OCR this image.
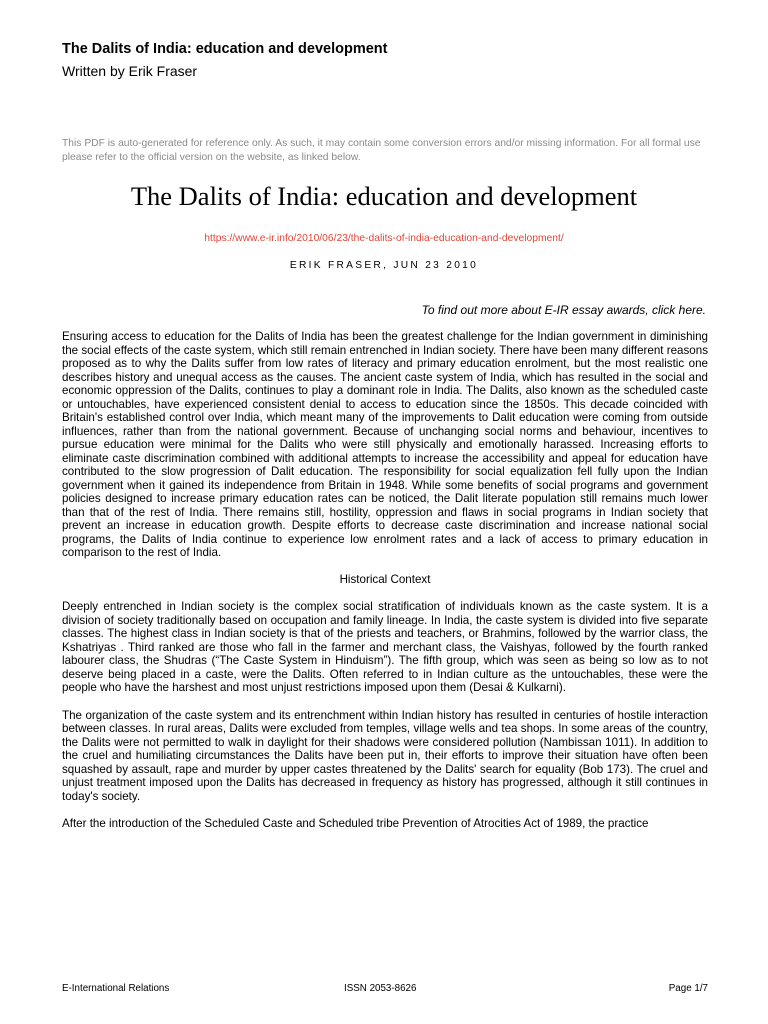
The Dalits of India: education and development
Written by Erik Fraser
This PDF is auto-generated for reference only. As such, it may contain some conversion errors and/or missing information. For all formal use please refer to the official version on the website, as linked below.
The Dalits of India: education and development
https://www.e-ir.info/2010/06/23/the-dalits-of-india-education-and-development/
ERIK FRASER, JUN 23 2010
To find out more about E-IR essay awards, click here.

Ensuring access to education for the Dalits of India has been the greatest challenge for the Indian government in diminishing the social effects of the caste system, which still remain entrenched in Indian society. There have been many different reasons proposed as to why the Dalits suffer from low rates of literacy and primary education enrolment, but the most realistic one describes history and unequal access as the causes. The ancient caste system of India, which has resulted in the social and economic oppression of the Dalits, continues to play a dominant role in India. The Dalits, also known as the scheduled caste or untouchables, have experienced consistent denial to access to education since the 1850s. This decade coincided with Britain's established control over India, which meant many of the improvements to Dalit education were coming from outside influences, rather than from the national government. Because of unchanging social norms and behaviour, incentives to pursue education were minimal for the Dalits who were still physically and emotionally harassed. Increasing efforts to eliminate caste discrimination combined with additional attempts to increase the accessibility and appeal for education have contributed to the slow progression of Dalit education. The responsibility for social equalization fell fully upon the Indian government when it gained its independence from Britain in 1948. While some benefits of social programs and government policies designed to increase primary education rates can be noticed, the Dalit literate population still remains much lower than that of the rest of India. There remains still, hostility, oppression and flaws in social programs in Indian society that prevent an increase in education growth. Despite efforts to decrease caste discrimination and increase national social programs, the Dalits of India continue to experience low enrolment rates and a lack of access to primary education in comparison to the rest of India.

Historical Context

Deeply entrenched in Indian society is the complex social stratification of individuals known as the caste system. It is a division of society traditionally based on occupation and family lineage. In India, the caste system is divided into five separate classes. The highest class in Indian society is that of the priests and teachers, or Brahmins, followed by the warrior class, the Kshatriyas . Third ranked are those who fall in the farmer and merchant class, the Vaishyas, followed by the fourth ranked labourer class, the Shudras (“The Caste System in Hinduism”). The fifth group, which was seen as being so low as to not deserve being placed in a caste, were the Dalits. Often referred to in Indian culture as the untouchables, these were the people who have the harshest and most unjust restrictions imposed upon them (Desai & Kulkarni).

The organization of the caste system and its entrenchment within Indian history has resulted in centuries of hostile interaction between classes. In rural areas, Dalits were excluded from temples, village wells and tea shops. In some areas of the country, the Dalits were not permitted to walk in daylight for their shadows were considered pollution (Nambissan 1011). In addition to the cruel and humiliating circumstances the Dalits have been put in, their efforts to improve their situation have often been squashed by assault, rape and murder by upper castes threatened by the Dalits' search for equality (Bob 173). The cruel and unjust treatment imposed upon the Dalits has decreased in frequency as history has progressed, although it still continues in today's society.

After the introduction of the Scheduled Caste and Scheduled tribe Prevention of Atrocities Act of 1989, the practice

E-International Relations	ISSN 2053-8626	Page 1/7
